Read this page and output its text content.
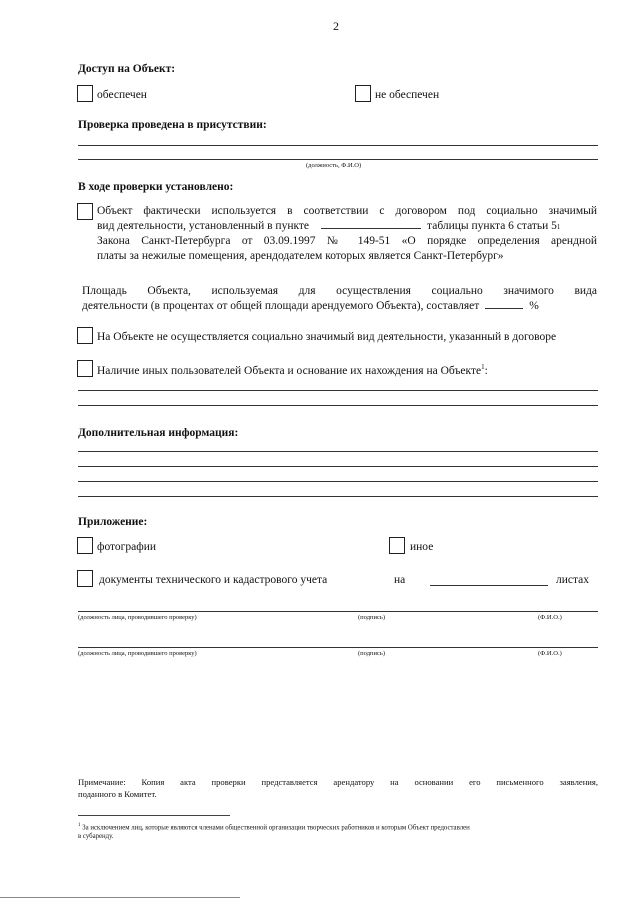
2
Доступ на Объект:
обеспечен	не обеспечен
Проверка проведена в присутствии:
(должность, Ф.И.О)
В ходе проверки установлено:
Объект фактически используется в соответствии с договором под социально значимый
вид деятельности, установленный в пункте	таблицы пункта 6 статьи 5 1
Закона Санкт-Петербурга от 03.09.1997 № 149-51 «О порядке определения арендной
платы за нежилые помещения, арендодателем которых является Санкт-Петербург»
Площадь Объекта, используемая для осуществления социально значимого вида
деятельности (в процентах от общей площади арендуемого Объекта), составляет	%
На Объекте не осуществляется социально значимый вид деятельности, указанный в договоре
Наличие иных пользователей Объекта и основание их нахождения на Объекте$^1$:
Дополнительная информация:
Приложение:
фотографии	иное
документы технического и кадастрового учета	на	листах
(должность лица, проводившего проверку)	(подпись)	(Ф.И.О.)
(должность лица, проводившего проверку)	(подпись)	(Ф.И.О.)
Примечание: Копия акта проверки представляется арендатору на основании его письменного заявления,
поданного в Комитет.
$^1$ За исключением лиц, которые являются членами общественной организации творческих работников и которым Объект предоставлен
в субаренду.
